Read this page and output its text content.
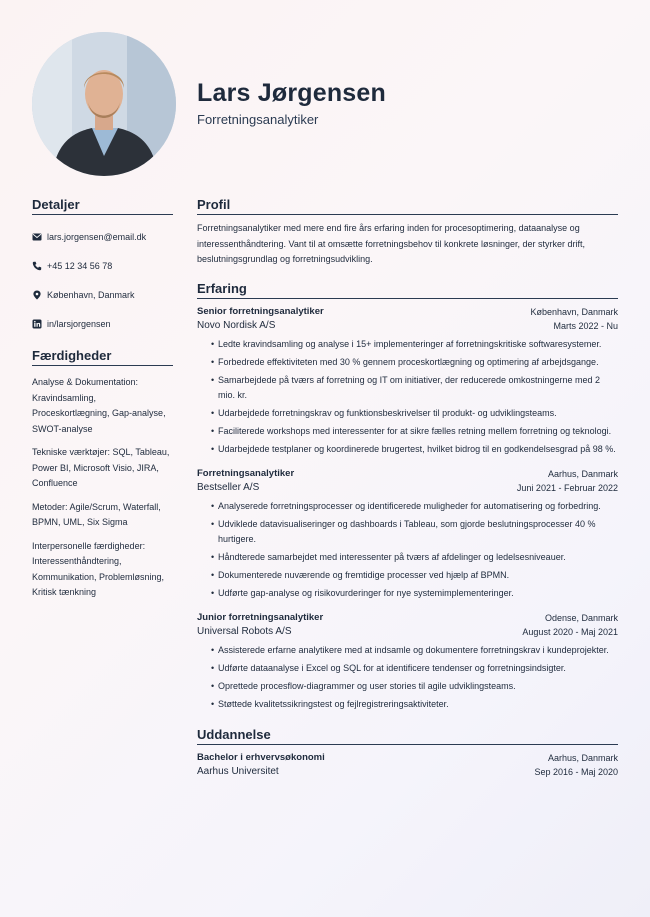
Lars Jørgensen
Forretningsanalytiker
Detaljer
lars.jorgensen@email.dk
+45 12 34 56 78
København, Danmark
in/larsjorgensen
Færdigheder
Analyse & Dokumentation: Kravindsamling, Proceskortlægning, Gap-analyse, SWOT-analyse
Tekniske værktøjer: SQL, Tableau, Power BI, Microsoft Visio, JIRA, Confluence
Metoder: Agile/Scrum, Waterfall, BPMN, UML, Six Sigma
Interpersonelle færdigheder: Interessenthåndtering, Kommunikation, Problemløsning, Kritisk tænkning
Profil
Forretningsanalytiker med mere end fire års erfaring inden for procesoptimering, dataanalyse og interessenthåndtering. Vant til at omsætte forretningsbehov til konkrete løsninger, der styrker drift, beslutningsgrundlag og forretningsudvikling.
Erfaring
Senior forretningsanalytiker	København, Danmark
Novo Nordisk A/S	Marts 2022 - Nu
• Ledte kravindsamling og analyse i 15+ implementeringer af forretningskritiske softwaresystemer.
• Forbedrede effektiviteten med 30 % gennem proceskortlægning og optimering af arbejdsgange.
• Samarbejdede på tværs af forretning og IT om initiativer, der reducerede omkostningerne med 2 mio. kr.
• Udarbejdede forretningskrav og funktionsbeskrivelser til produkt- og udviklingsteams.
• Faciliterede workshops med interessenter for at sikre fælles retning mellem forretning og teknologi.
• Udarbejdede testplaner og koordinerede brugertest, hvilket bidrog til en godkendelsesgrad på 98 %.
Forretningsanalytiker	Aarhus, Danmark
Bestseller A/S	Juni 2021 - Februar 2022
• Analyserede forretningsprocesser og identificerede muligheder for automatisering og forbedring.
• Udviklede datavisualiseringer og dashboards i Tableau, som gjorde beslutningsprocesser 40 % hurtigere.
• Håndterede samarbejdet med interessenter på tværs af afdelinger og ledelsesniveauer.
• Dokumenterede nuværende og fremtidige processer ved hjælp af BPMN.
• Udførte gap-analyse og risikovurderinger for nye systemimplementeringer.
Junior forretningsanalytiker	Odense, Danmark
Universal Robots A/S	August 2020 - Maj 2021
• Assisterede erfarne analytikere med at indsamle og dokumentere forretningskrav i kundeprojekter.
• Udførte dataanalyse i Excel og SQL for at identificere tendenser og forretningsindsigter.
• Oprettede procesflow-diagrammer og user stories til agile udviklingsteams.
• Støttede kvalitetssikringstest og fejlregistreringsaktiviteter.
Uddannelse
Bachelor i erhvervsøkonomi	Aarhus, Danmark
Aarhus Universitet	Sep 2016 - Maj 2020
